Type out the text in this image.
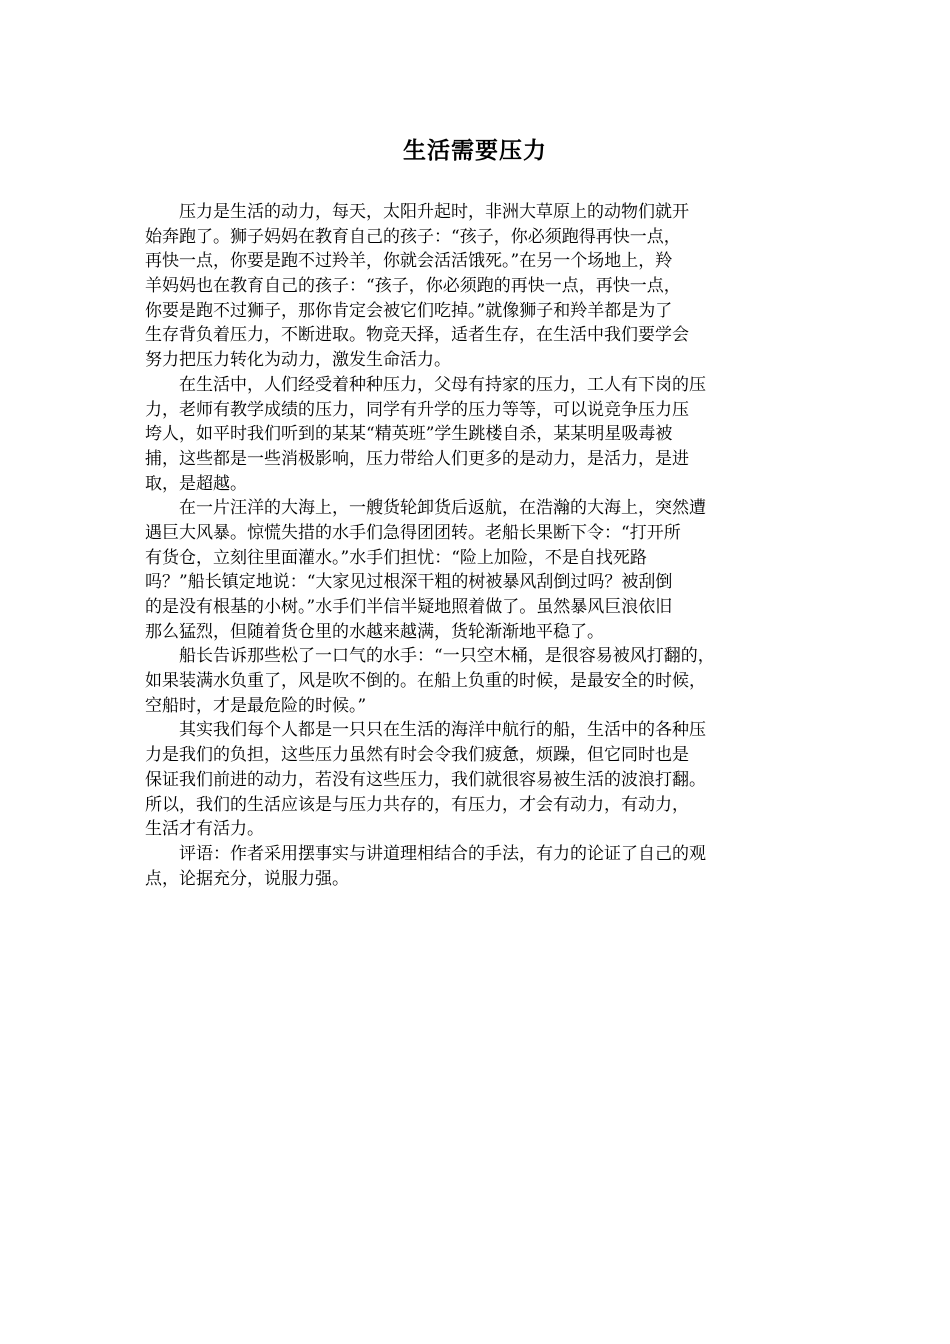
生活需要压力
　　压力是生活的动力，每天，太阳升起时，非洲大草原上的动物们就开
始奔跑了。狮子妈妈在教育自己的孩子：“孩子，你必须跑得再快一点，
再快一点，你要是跑不过羚羊，你就会活活饿死。”在另一个场地上，羚
羊妈妈也在教育自己的孩子：“孩子，你必须跑的再快一点，再快一点，
你要是跑不过狮子，那你肯定会被它们吃掉。”就像狮子和羚羊都是为了
生存背负着压力，不断进取。物竞天择，适者生存，在生活中我们要学会
努力把压力转化为动力，激发生命活力。
　　在生活中，人们经受着种种压力，父母有持家的压力，工人有下岗的压
力，老师有教学成绩的压力，同学有升学的压力等等，可以说竞争压力压
垮人，如平时我们听到的某某“精英班”学生跳楼自杀，某某明星吸毒被
捕，这些都是一些消极影响，压力带给人们更多的是动力，是活力，是进
取，是超越。
　　在一片汪洋的大海上，一艘货轮卸货后返航，在浩瀚的大海上，突然遭
遇巨大风暴。惊慌失措的水手们急得团团转。老船长果断下令：“打开所
有货仓，立刻往里面灌水。”水手们担忧：“险上加险，不是自找死路
吗？”船长镇定地说：“大家见过根深干粗的树被暴风刮倒过吗？被刮倒
的是没有根基的小树。”水手们半信半疑地照着做了。虽然暴风巨浪依旧
那么猛烈，但随着货仓里的水越来越满，货轮渐渐地平稳了。
　　船长告诉那些松了一口气的水手：“一只空木桶，是很容易被风打翻的，
如果装满水负重了，风是吹不倒的。在船上负重的时候，是最安全的时候，
空船时，才是最危险的时候。”
　　其实我们每个人都是一只只在生活的海洋中航行的船，生活中的各种压
力是我们的负担，这些压力虽然有时会令我们疲惫，烦躁，但它同时也是
保证我们前进的动力，若没有这些压力，我们就很容易被生活的波浪打翻。
所以，我们的生活应该是与压力共存的，有压力，才会有动力，有动力，
生活才有活力。
　　评语：作者采用摆事实与讲道理相结合的手法，有力的论证了自己的观
点，论据充分，说服力强。
